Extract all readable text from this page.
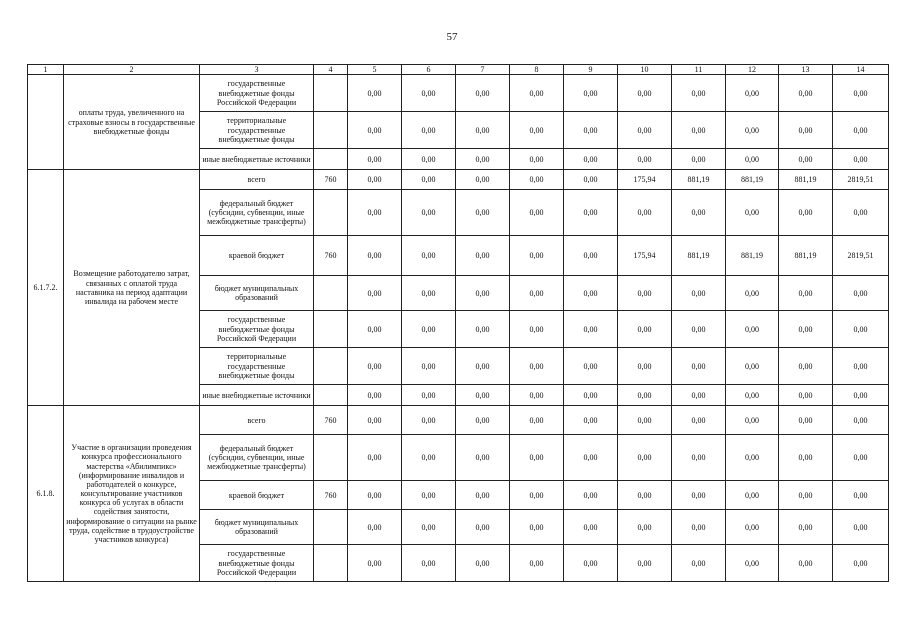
57
1	2	3	4	5	6	7	8	9	10	11	12	13	14
	оплаты труда, увеличенного на страховые взносы в государственные внебюджетные фонды	государственные внебюджетные фонды Российской Федерации		0,00	0,00	0,00	0,00	0,00	0,00	0,00	0,00	0,00	0,00
		территориальные государственные внебюджетные фонды		0,00	0,00	0,00	0,00	0,00	0,00	0,00	0,00	0,00	0,00
		иные внебюджетные источники		0,00	0,00	0,00	0,00	0,00	0,00	0,00	0,00	0,00	0,00
6.1.7.2.	Возмещение работодателю затрат, связанных с оплатой труда наставника на период адаптации инвалида на рабочем месте	всего	760	0,00	0,00	0,00	0,00	0,00	175,94	881,19	881,19	881,19	2819,51
		федеральный бюджет (субсидии, субвенции, иные межбюджетные трансферты)		0,00	0,00	0,00	0,00	0,00	0,00	0,00	0,00	0,00	0,00
		краевой бюджет	760	0,00	0,00	0,00	0,00	0,00	175,94	881,19	881,19	881,19	2819,51
		бюджет муниципальных образований		0,00	0,00	0,00	0,00	0,00	0,00	0,00	0,00	0,00	0,00
		государственные внебюджетные фонды Российской Федерации		0,00	0,00	0,00	0,00	0,00	0,00	0,00	0,00	0,00	0,00
		территориальные государственные внебюджетные фонды		0,00	0,00	0,00	0,00	0,00	0,00	0,00	0,00	0,00	0,00
		иные внебюджетные источники		0,00	0,00	0,00	0,00	0,00	0,00	0,00	0,00	0,00	0,00
6.1.8.	Участие в организации проведения конкурса профессионального мастерства «Абилимпикс» (информирование инвалидов и работодателей о конкурсе, консультирование участников конкурса об услугах в области содействия занятости, информирование о ситуации на рынке труда, содействие в трудоустройстве участников конкурса)	всего	760	0,00	0,00	0,00	0,00	0,00	0,00	0,00	0,00	0,00	0,00
		федеральный бюджет (субсидии, субвенции, иные межбюджетные трансферты)		0,00	0,00	0,00	0,00	0,00	0,00	0,00	0,00	0,00	0,00
		краевой бюджет	760	0,00	0,00	0,00	0,00	0,00	0,00	0,00	0,00	0,00	0,00
		бюджет муниципальных образований		0,00	0,00	0,00	0,00	0,00	0,00	0,00	0,00	0,00	0,00
		государственные внебюджетные фонды Российской Федерации		0,00	0,00	0,00	0,00	0,00	0,00	0,00	0,00	0,00	0,00
